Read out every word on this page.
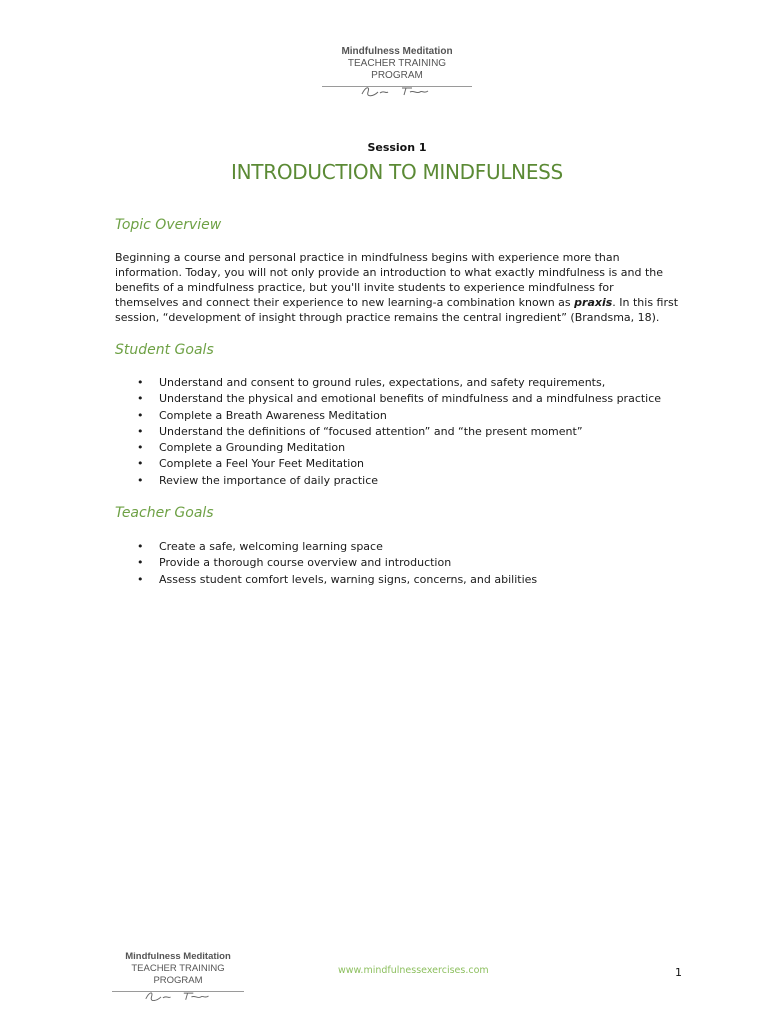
Mindfulness Meditation
TEACHER TRAINING PROGRAM
Session 1
INTRODUCTION TO MINDFULNESS
Topic Overview

Beginning a course and personal practice in mindfulness begins with experience more than information. Today, you will not only provide an introduction to what exactly mindfulness is and the benefits of a mindfulness practice, but you'll invite students to experience mindfulness for themselves and connect their experience to new learning‐a combination known as praxis. In this first session, “development of insight through practice remains the central ingredient” (Brandsma, 18).

Student Goals
• Understand and consent to ground rules, expectations, and safety requirements,
• Understand the physical and emotional benefits of mindfulness and a mindfulness practice
• Complete a Breath Awareness Meditation
• Understand the definitions of “focused attention” and “the present moment”
• Complete a Grounding Meditation
• Complete a Feel Your Feet Meditation
• Review the importance of daily practice
Teacher Goals
• Create a safe, welcoming learning space
• Provide a thorough course overview and introduction
• Assess student comfort levels, warning signs, concerns, and abilities
Mindfulness Meditation
TEACHER TRAINING PROGRAM
www.mindfulnessexercises.com	1
